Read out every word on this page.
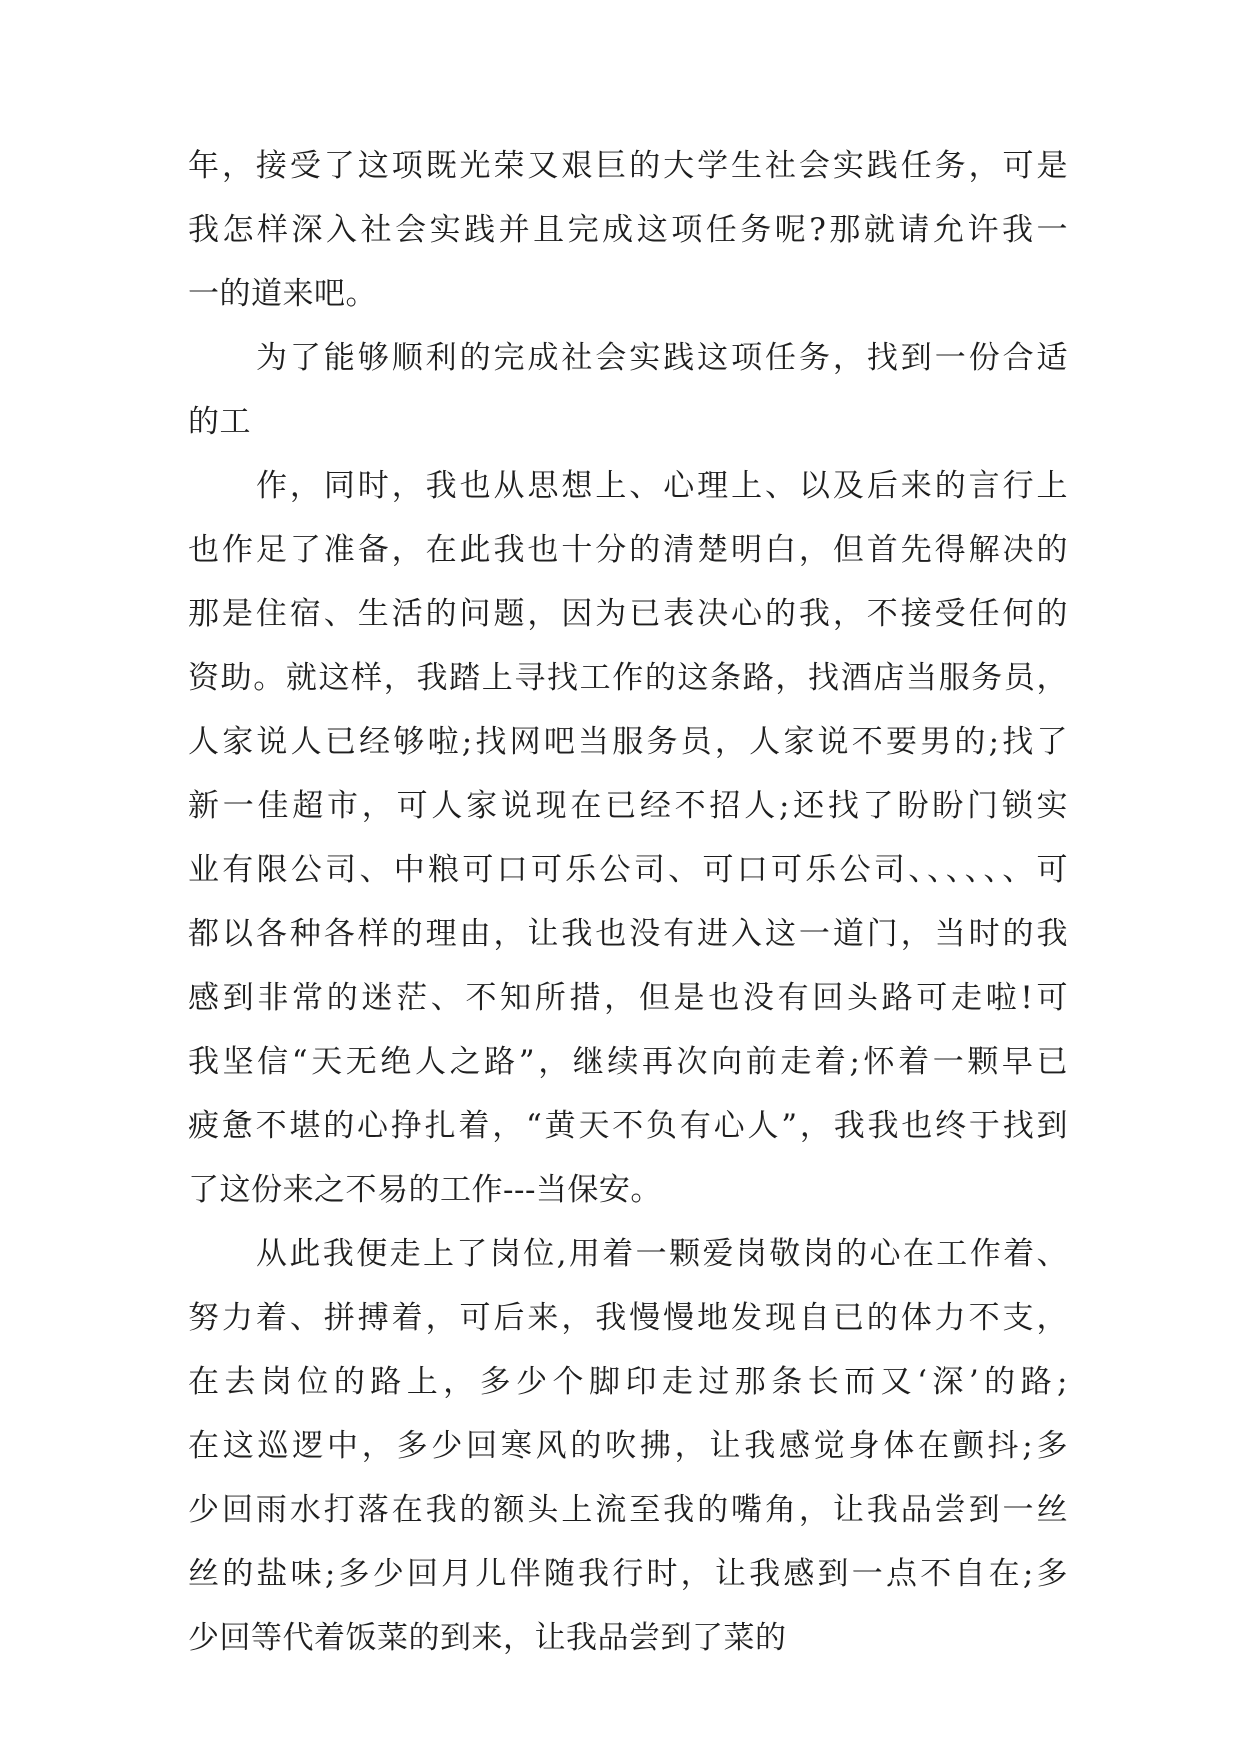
年，接受了这项既光荣又艰巨的大学生社会实践任务，可是
我怎样深入社会实践并且完成这项任务呢?那就请允许我一
一的道来吧。
为了能够顺利的完成社会实践这项任务，找到一份合适
的工
作，同时，我也从思想上、心理上、以及后来的言行上
也作足了准备，在此我也十分的清楚明白，但首先得解决的
那是住宿、生活的问题，因为已表决心的我，不接受任何的
资助。就这样，我踏上寻找工作的这条路，找酒店当服务员，
人家说人已经够啦;找网吧当服务员，人家说不要男的;找了
新一佳超市，可人家说现在已经不招人;还找了盼盼门锁实
业有限公司、中粮可口可乐公司、可口可乐公司、、、、、、可
都以各种各样的理由，让我也没有进入这一道门，当时的我
感到非常的迷茫、不知所措，但是也没有回头路可走啦!可
我坚信“天无绝人之路”，继续再次向前走着;怀着一颗早已
疲惫不堪的心挣扎着，“黄天不负有心人”，我我也终于找到
了这份来之不易的工作---当保安。
从此我便走上了岗位,用着一颗爱岗敬岗的心在工作着、
努力着、拼搏着，可后来，我慢慢地发现自已的体力不支，
在去岗位的路上，多少个脚印走过那条长而又‘深’的路;
在这巡逻中，多少回寒风的吹拂，让我感觉身体在颤抖;多
少回雨水打落在我的额头上流至我的嘴角，让我品尝到一丝
丝的盐味;多少回月儿伴随我行时，让我感到一点不自在;多
少回等代着饭菜的到来，让我品尝到了菜的
